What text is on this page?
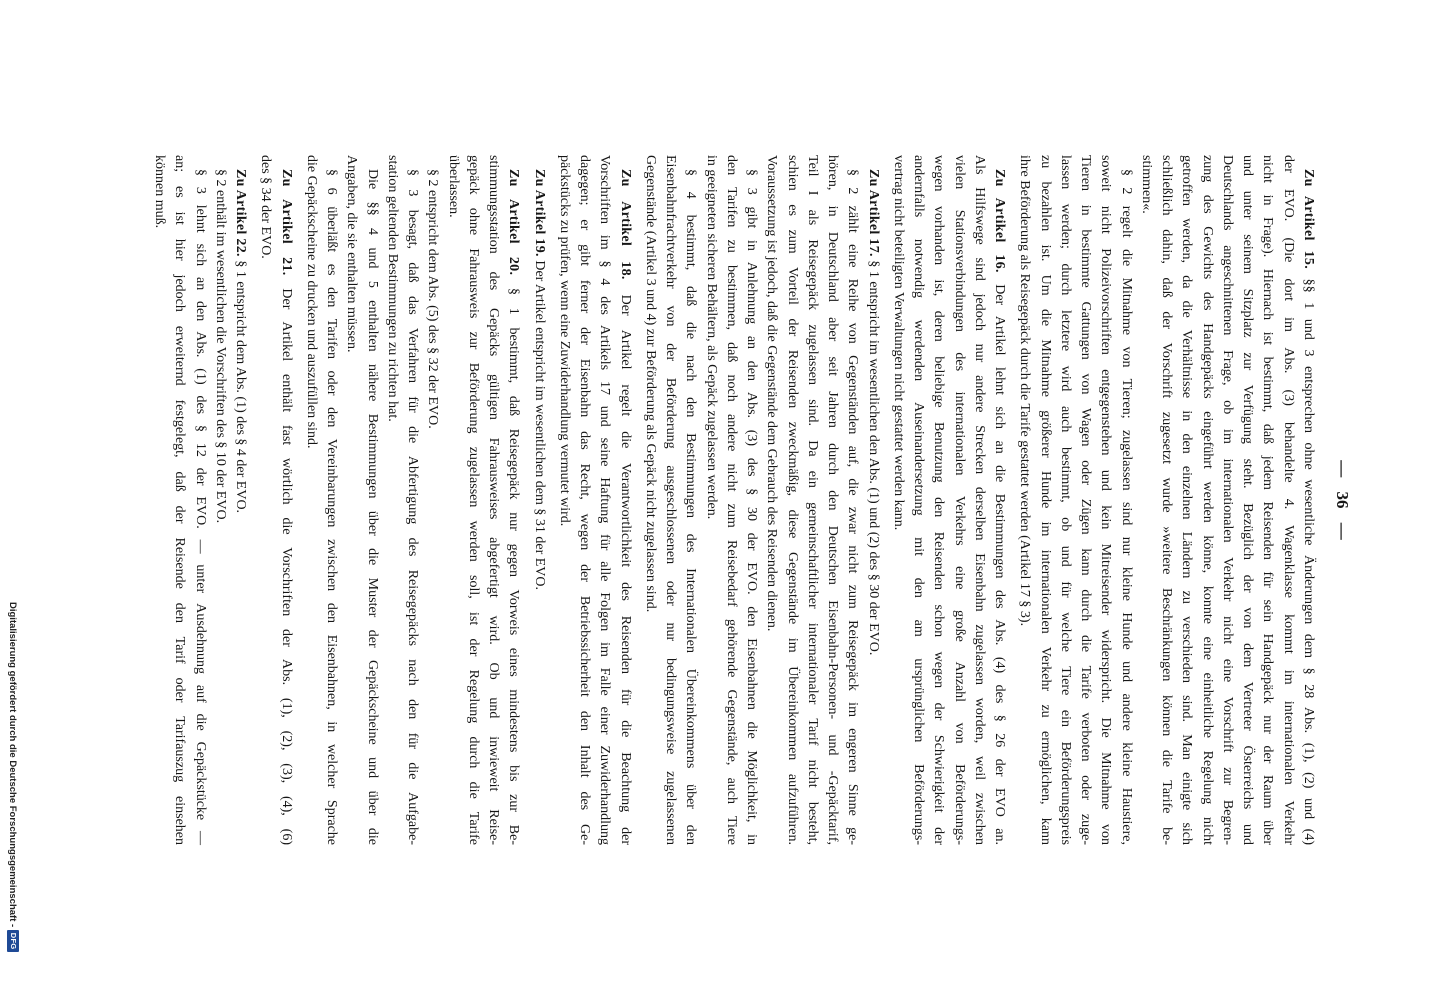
— 36 —
Zu Artikel 15. §§ 1 und 3 entsprechen ohne wesentliche Änderungen dem § 28 Abs. (1), (2) und (4)
der EVO. (Die dort im Abs. (3) behandelte 4. Wagenklasse kommt im internationalen Verkehr
nicht in Frage). Hiernach ist bestimmt, daß jedem Reisenden für sein Handgepäck nur der Raum über
und unter seinem Sitzplatz zur Verfügung steht. Bezüglich der von dem Vertreter Österreichs und
Deutschlands angeschnittenen Frage, ob im internationalen Verkehr nicht eine Vorschrift zur Begren-
zung des Gewichts des Handgepäcks eingeführt werden könne, konnte eine einheitliche Regelung nicht
getroffen werden, da die Verhältnisse in den einzelnen Ländern zu verschieden sind. Man einigte sich
schließlich dahin, daß der Vorschrift zugesetzt wurde »weitere Beschränkungen können die Tarife be-
stimmen«.
§ 2 regelt die Mitnahme von Tieren; zugelassen sind nur kleine Hunde und andere kleine Haustiere,
soweit nicht Polizeivorschriften entgegenstehen und kein Mitreisender widerspricht. Die Mitnahme von
Tieren in bestimmte Gattungen von Wagen oder Zügen kann durch die Tarife verboten oder zuge-
lassen werden; durch letztere wird auch bestimmt, ob und für welche Tiere ein Beförderungspreis
zu bezahlen ist. Um die Mitnahme größerer Hunde im internationalen Verkehr zu ermöglichen, kann
ihre Beförderung als Reisegepäck durch die Tarife gestattet werden (Artikel 17 § 3).
Zu Artikel 16. Der Artikel lehnt sich an die Bestimmungen des Abs. (4) des § 26 der EVO an.
Als Hilfswege sind jedoch nur andere Strecken derselben Eisenbahn zugelassen worden, weil zwischen
vielen Stationsverbindungen des internationalen Verkehrs eine große Anzahl von Beförderungs-
wegen vorhanden ist, deren beliebige Benutzung den Reisenden schon wegen der Schwierigkeit der
andernfalls notwendig werdenden Auseinandersetzung mit den am ursprünglichen Beförderungs-
vertrag nicht beteiligten Verwaltungen nicht gestattet werden kann.
Zu Artikel 17. § 1 entspricht im wesentlichen den Abs. (1) und (2) des § 30 der EVO.
§ 2 zählt eine Reihe von Gegenständen auf, die zwar nicht zum Reisegepäck im engeren Sinne ge-
hören, in Deutschland aber seit Jahren durch den Deutschen Eisenbahn-Personen- und -Gepäcktarif,
Teil I als Reisegepäck zugelassen sind. Da ein gemeinschaftlicher internationaler Tarif nicht besteht,
schien es zum Vorteil der Reisenden zweckmäßig, diese Gegenstände im Übereinkommen aufzuführen.
Voraussetzung ist jedoch, daß die Gegenstände dem Gebrauch des Reisenden dienen.
§ 3 gibt in Anlehnung an den Abs. (3) des § 30 der EVO. den Eisenbahnen die Möglichkeit, in
den Tarifen zu bestimmen, daß noch andere nicht zum Reisebedarf gehörende Gegenstände, auch Tiere
in geeigneten sicheren Behältern, als Gepäck zugelassen werden.
§ 4 bestimmt, daß die nach den Bestimmungen des Internationalen Übereinkommens über den
Eisenbahnfrachtverkehr von der Beförderung ausgeschlossenen oder nur bedingungsweise zugelassenen
Gegenstände (Artikel 3 und 4) zur Beförderung als Gepäck nicht zugelassen sind.
Zu Artikel 18. Der Artikel regelt die Verantwortlichkeit des Reisenden für die Beachtung der
Vorschriften im § 4 des Artikels 17 und seine Haftung für alle Folgen im Falle einer Zuwiderhandlung
dagegen; er gibt ferner der Eisenbahn das Recht, wegen der Betriebssicherheit den Inhalt des Ge-
päckstücks zu prüfen, wenn eine Zuwiderhandlung vermutet wird.
Zu Artikel 19. Der Artikel entspricht im wesentlichen dem § 31 der EVO.
Zu Artikel 20. § 1 bestimmt, daß Reisegepäck nur gegen Vorweis eines mindestens bis zur Be-
stimmungsstation des Gepäcks gültigen Fahrausweises abgefertigt wird. Ob und inwieweit Reise-
gepäck ohne Fahrausweis zur Beförderung zugelassen werden soll, ist der Regelung durch die Tarife
überlassen.
§ 2 entspricht dem Abs. (5) des § 32 der EVO.
§ 3 besagt, daß das Verfahren für die Abfertigung des Reisegepäcks nach den für die Aufgabe-
station geltenden Bestimmungen zu richten hat.
Die §§ 4 und 5 enthalten nähere Bestimmungen über die Muster der Gepäckscheine und über die
Angaben, die sie enthalten müssen.
§ 6 überläßt es den Tarifen oder den Vereinbarungen zwischen den Eisenbahnen, in welcher Sprache
die Gepäckscheine zu drucken und auszufüllen sind.
Zu Artikel 21. Der Artikel enthält fast wörtlich die Vorschriften der Abs. (1), (2), (3), (4), (6)
des § 34 der EVO.
Zu Artikel 22. § 1 entspricht dem Abs. (1) des § 4 der EVO.
§ 2 enthält im wesentlichen die Vorschriften des § 10 der EVO.
§ 3 lehnt sich an den Abs. (1) des § 12 der EVO. — unter Ausdehnung auf die Gepäckstücke —
an; es ist hier jedoch erweiternd festgelegt, daß der Reisende den Tarif oder Tarifauszug einsehen
können muß.
Digitalisierung gefördert durch die Deutsche Forschungsgemeinschaft -
DFG
